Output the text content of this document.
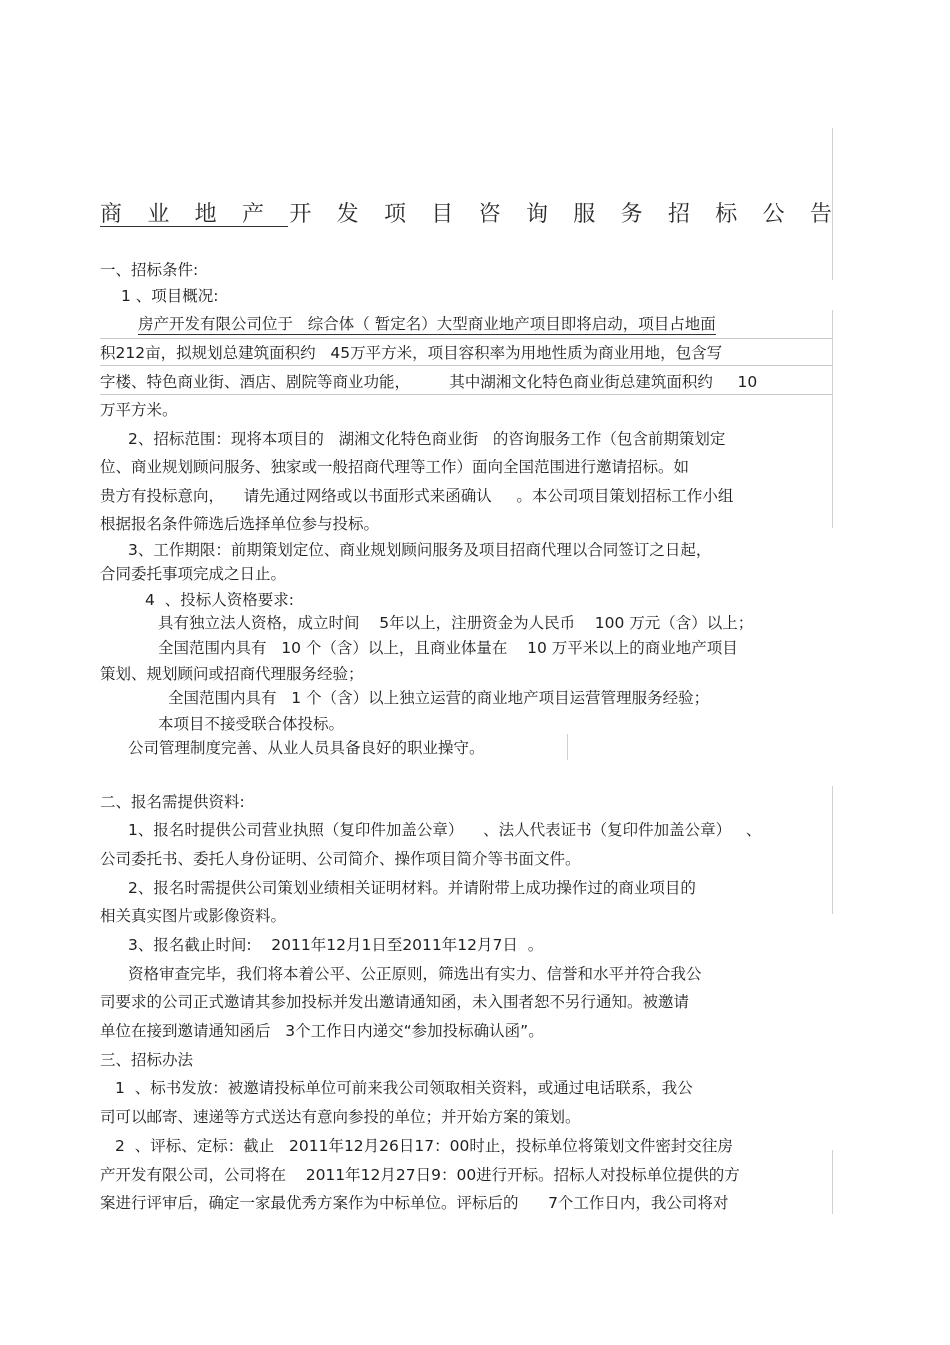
商 业 地 产 开 发 项 目 咨 询 服 务 招 标 公 告
一、招标条件:
1 、项目概况:
房产开发有限公司位于   综合体（ 暂定名）大型商业地产项目即将启动，项目占地面
积212亩，拟规划总建筑面积约   45万平方米，项目容积率为用地性质为商业用地，包含写
字楼、特色商业街、酒店、剧院等商业功能，        其中湖湘文化特色商业街总建筑面积约     10
万平方米。
2、招标范围：现将本项目的   湖湘文化特色商业街   的咨询服务工作（包含前期策划定
位、商业规划顾问服务、独家或一般招商代理等工作）面向全国范围进行邀请招标。如
贵方有投标意向，    请先通过网络或以书面形式来函确认     。本公司项目策划招标工作小组
根据报名条件筛选后选择单位参与投标。
3、工作期限：前期策划定位、商业规划顾问服务及项目招商代理以合同签订之日起，
合同委托事项完成之日止。
4  、投标人资格要求:
具有独立法人资格，成立时间    5年以上，注册资金为人民币    100 万元（含）以上；
全国范围内具有   10 个（含）以上，且商业体量在    10 万平米以上的商业地产项目
策划、规划顾问或招商代理服务经验；
全国范围内具有   1 个（含）以上独立运营的商业地产项目运营管理服务经验；
本项目不接受联合体投标。
公司管理制度完善、从业人员具备良好的职业操守。
二、报名需提供资料:
1、报名时提供公司营业执照（复印件加盖公章）    、法人代表证书（复印件加盖公章）   、
公司委托书、委托人身份证明、公司简介、操作项目简介等书面文件。
2、报名时需提供公司策划业绩相关证明材料。并请附带上成功操作过的商业项目的
相关真实图片或影像资料。
3、报名截止时间:    2011年12月1日至2011年12月7日  。
资格审查完毕，我们将本着公平、公正原则，筛选出有实力、信誉和水平并符合我公
司要求的公司正式邀请其参加投标并发出邀请通知函，未入围者恕不另行通知。被邀请
单位在接到邀请通知函后   3个工作日内递交“参加投标确认函”。
三、招标办法
1  、标书发放：被邀请投标单位可前来我公司领取相关资料，或通过电话联系，我公
司可以邮寄、速递等方式送达有意向参投的单位；并开始方案的策划。
2  、评标、定标：截止   2011年12月26日17：00时止，投标单位将策划文件密封交往房
产开发有限公司，公司将在    2011年12月27日9：00进行开标。招标人对投标单位提供的方
案进行评审后，确定一家最优秀方案作为中标单位。评标后的      7个工作日内，我公司将对
